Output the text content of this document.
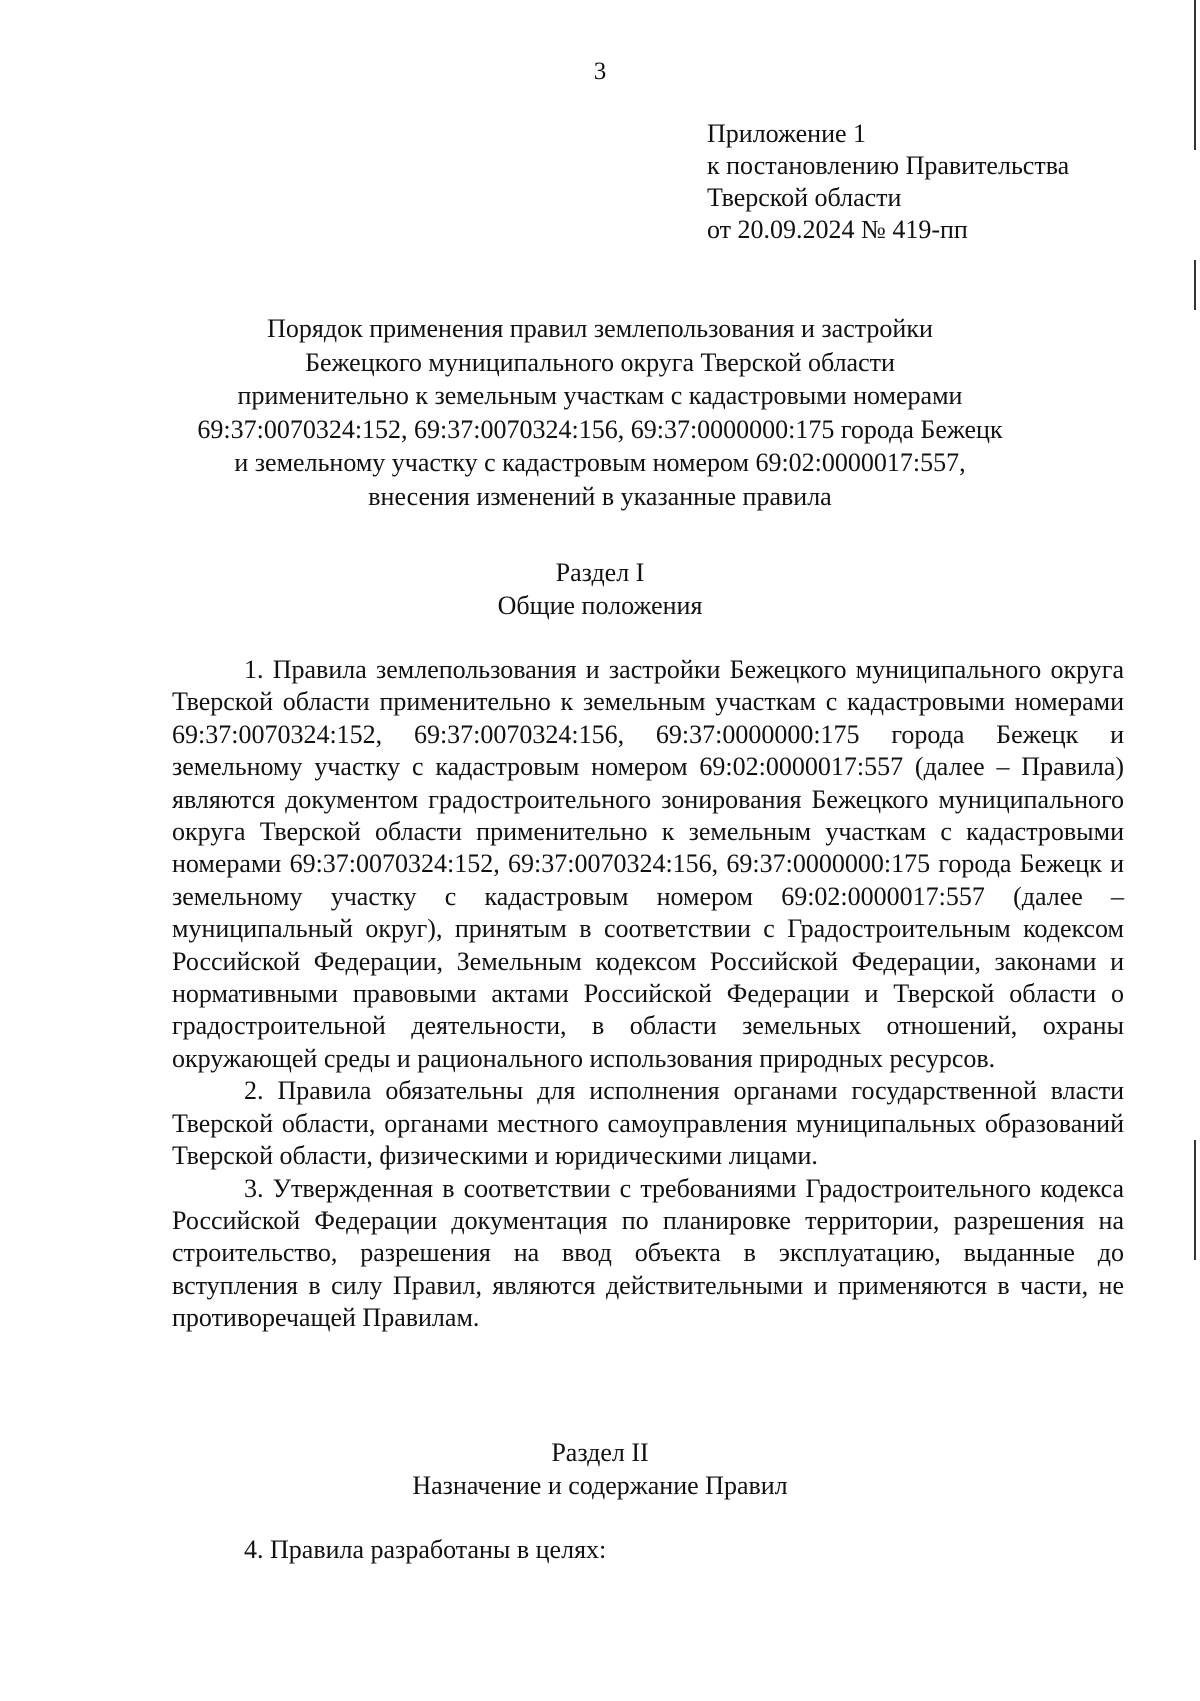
3
Приложение 1
к постановлению Правительства
Тверской области
от 20.09.2024 № 419-пп
Порядок применения правил землепользования и застройки
Бежецкого муниципального округа Тверской области
применительно к земельным участкам с кадастровыми номерами
69:37:0070324:152, 69:37:0070324:156, 69:37:0000000:175 города Бежецк
и земельному участку с кадастровым номером 69:02:0000017:557,
внесения изменений в указанные правила
Раздел I
Общие положения

1. Правила землепользования и застройки Бежецкого муниципального округа Тверской области применительно к земельным участкам с кадастровыми номерами 69:37:0070324:152, 69:37:0070324:156, 69:37:0000000:175 города Бежецк и земельному участку с кадастровым номером 69:02:0000017:557 (далее – Правила) являются документом градостроительного зонирования Бежецкого муниципального округа Тверской области применительно к земельным участкам с кадастровыми номерами 69:37:0070324:152, 69:37:0070324:156, 69:37:0000000:175 города Бежецк и земельному участку с кадастровым номером 69:02:0000017:557 (далее – муниципальный округ), принятым в соответствии с Градостроительным кодексом Российской Федерации, Земельным кодексом Российской Федерации, законами и нормативными правовыми актами Российской Федерации и Тверской области о градостроительной деятельности, в области земельных отношений, охраны окружающей среды и рационального использования природных ресурсов.

2. Правила обязательны для исполнения органами государственной власти Тверской области, органами местного самоуправления муниципальных образований Тверской области, физическими и юридическими лицами.

3. Утвержденная в соответствии с требованиями Градостроительного кодекса Российской Федерации документация по планировке территории, разрешения на строительство, разрешения на ввод объекта в эксплуатацию, выданные до вступления в силу Правил, являются действительными и применяются в части, не противоречащей Правилам.

Раздел II
Назначение и содержание Правил

4. Правила разработаны в целях:
